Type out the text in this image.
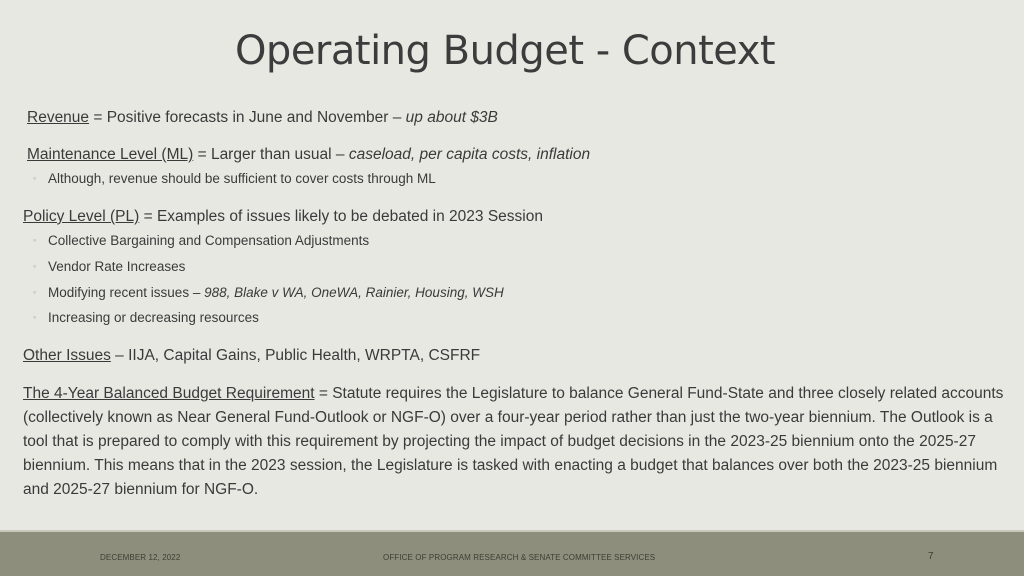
Operating Budget - Context
Revenue = Positive forecasts in June and November – up about $3B
Maintenance Level (ML) = Larger than usual – caseload, per capita costs, inflation
◦ Although, revenue should be sufficient to cover costs through ML
Policy Level (PL) = Examples of issues likely to be debated in 2023 Session
◦ Collective Bargaining and Compensation Adjustments
◦ Vendor Rate Increases
◦ Modifying recent issues – 988, Blake v WA, OneWA, Rainier, Housing, WSH
◦ Increasing or decreasing resources
Other Issues – IIJA, Capital Gains, Public Health, WRPTA, CSFRF
The 4-Year Balanced Budget Requirement = Statute requires the Legislature to balance General Fund-State and three closely related accounts (collectively known as Near General Fund-Outlook or NGF-O) over a four-year period rather than just the two-year biennium. The Outlook is a tool that is prepared to comply with this requirement by projecting the impact of budget decisions in the 2023-25 biennium onto the 2025-27 biennium. This means that in the 2023 session, the Legislature is tasked with enacting a budget that balances over both the 2023-25 biennium and 2025-27 biennium for NGF-O.
DECEMBER 12, 2022	OFFICE OF PROGRAM RESEARCH & SENATE COMMITTEE SERVICES	7
